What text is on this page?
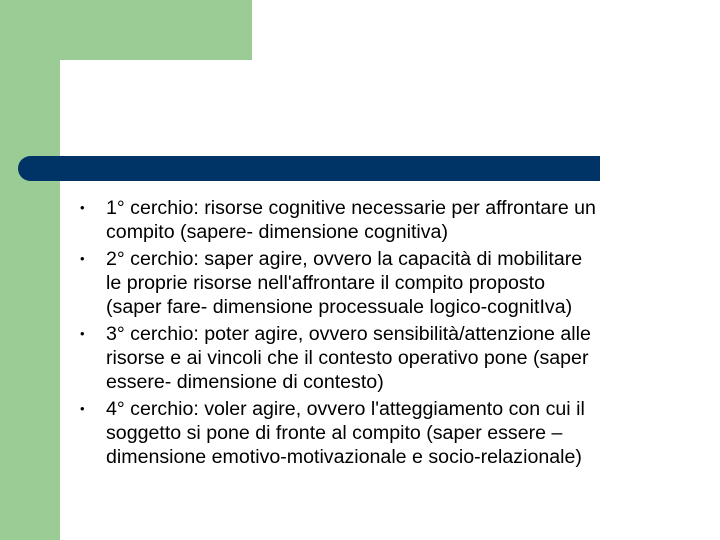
• 1° cerchio: risorse cognitive necessarie per affrontare un
compito (sapere- dimensione cognitiva)
• 2° cerchio: saper agire, ovvero la capacità di mobilitare
le proprie risorse nell'affrontare il compito proposto
(saper fare- dimensione processuale logico-cognitIva)
• 3° cerchio: poter agire, ovvero sensibilità/attenzione alle
risorse e ai vincoli che il contesto operativo pone (saper
essere- dimensione di contesto)
• 4° cerchio: voler agire, ovvero l'atteggiamento con cui il
soggetto si pone di fronte al compito (saper essere –
dimensione emotivo-motivazionale e socio-relazionale)
